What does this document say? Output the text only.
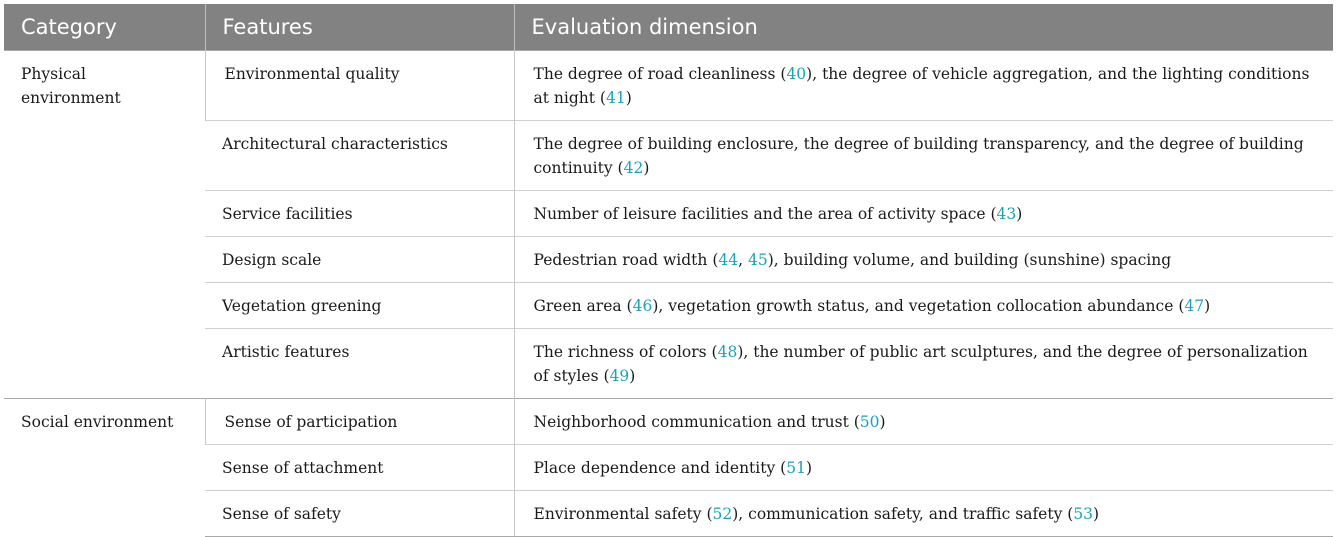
Category	Features	Evaluation dimension

Physical environment	Environmental quality	The degree of road cleanliness (40), the degree of vehicle aggregation, and the lighting conditions at night (41)

	Architectural characteristics	The degree of building enclosure, the degree of building transparency, and the degree of building continuity (42)

	Service facilities	Number of leisure facilities and the area of activity space (43)

	Design scale	Pedestrian road width (44, 45), building volume, and building (sunshine) spacing

	Vegetation greening	Green area (46), vegetation growth status, and vegetation collocation abundance (47)

	Artistic features	The richness of colors (48), the number of public art sculptures, and the degree of personalization of styles (49)

Social environment	Sense of participation	Neighborhood communication and trust (50)

	Sense of attachment	Place dependence and identity (51)

	Sense of safety	Environmental safety (52), communication safety, and traffic safety (53)
